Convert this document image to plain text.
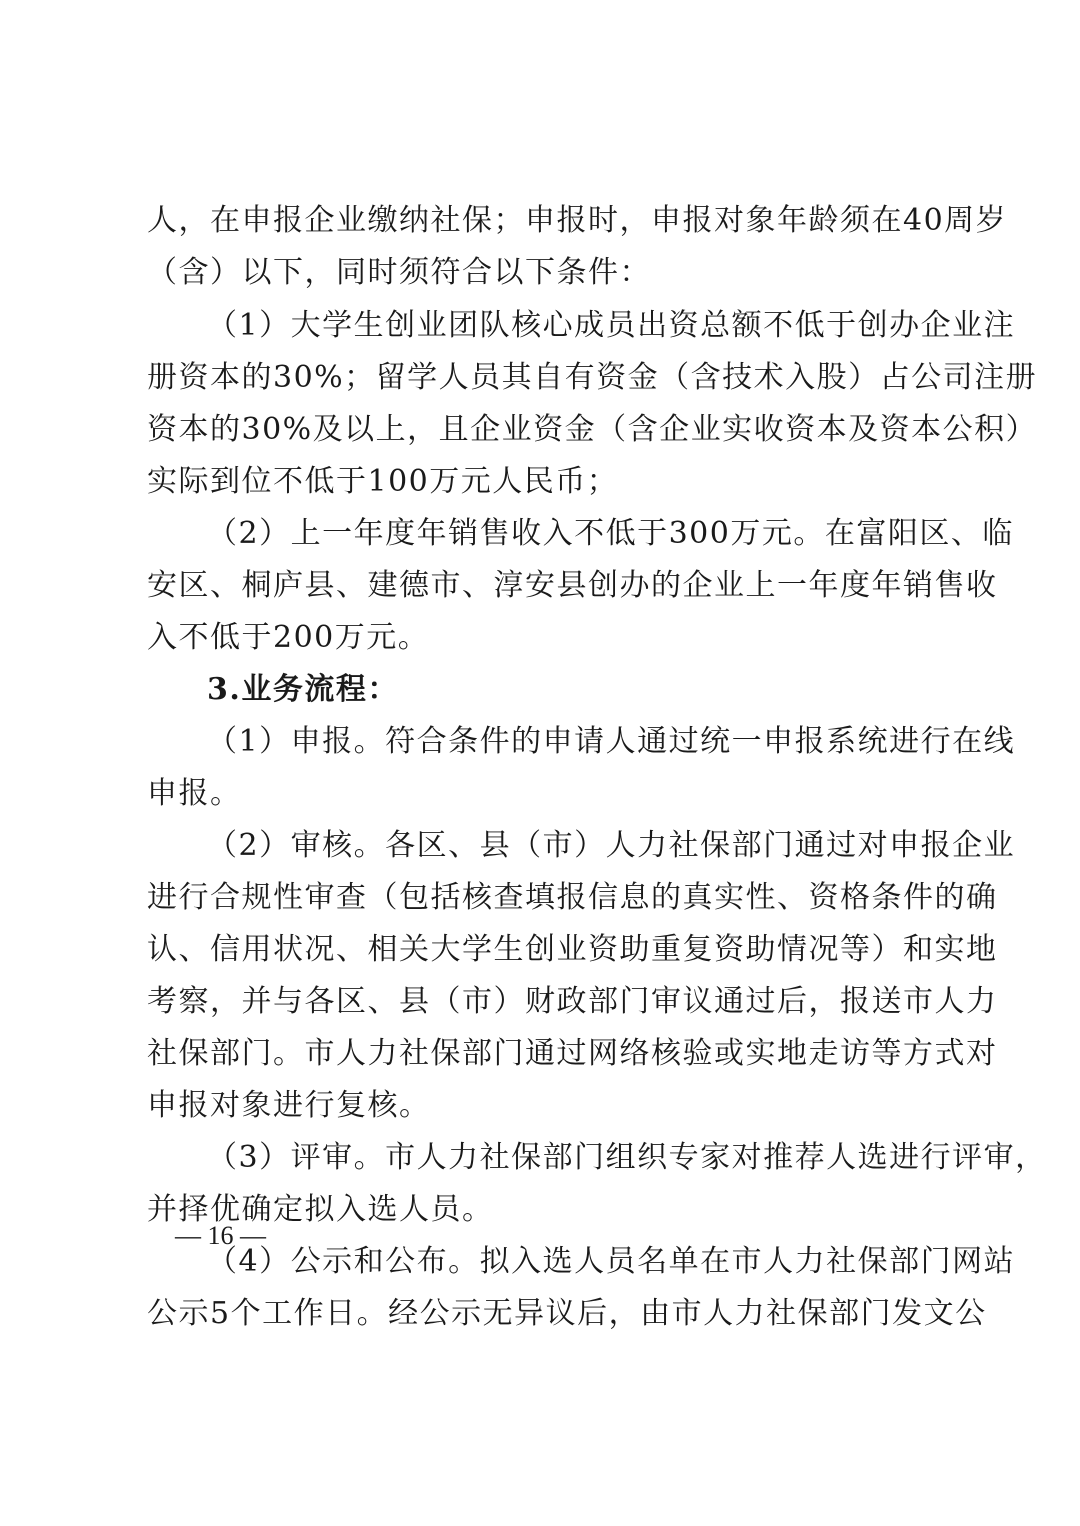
人，在申报企业缴纳社保；申报时，申报对象年龄须在40周岁
（含）以下，同时须符合以下条件：
（1）大学生创业团队核心成员出资总额不低于创办企业注
册资本的30%；留学人员其自有资金（含技术入股）占公司注册
资本的30%及以上，且企业资金（含企业实收资本及资本公积）
实际到位不低于100万元人民币；
（2）上一年度年销售收入不低于300万元。在富阳区、临
安区、桐庐县、建德市、淳安县创办的企业上一年度年销售收
入不低于200万元。
3.业务流程：
（1）申报。符合条件的申请人通过统一申报系统进行在线
申报。
（2）审核。各区、县（市）人力社保部门通过对申报企业
进行合规性审查（包括核查填报信息的真实性、资格条件的确
认、信用状况、相关大学生创业资助重复资助情况等）和实地
考察，并与各区、县（市）财政部门审议通过后，报送市人力
社保部门。市人力社保部门通过网络核验或实地走访等方式对
申报对象进行复核。
（3）评审。市人力社保部门组织专家对推荐人选进行评审，
并择优确定拟入选人员。
（4）公示和公布。拟入选人员名单在市人力社保部门网站
公示5个工作日。经公示无异议后，由市人力社保部门发文公
— 16 —
